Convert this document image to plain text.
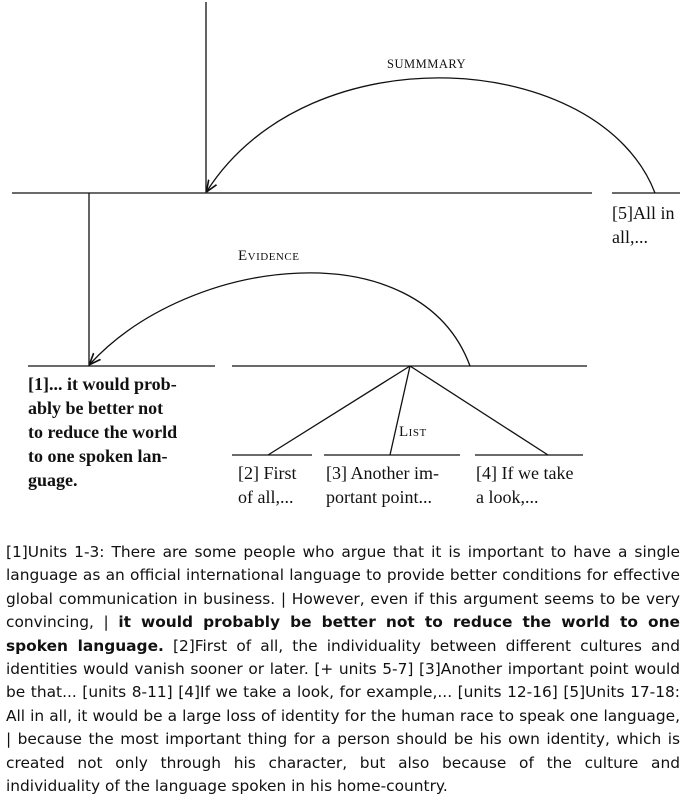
SUMMMARY
Evidence
List
[5]All in
all,...
[1]... it would prob-
ably be better not
to reduce the world
to one spoken lan-
guage.	[2] First
of all,...
[3] Another im-
portant point...
[4] If we take
a look,...
[1]Units 1-3: There are some people who argue that it is important to have a single language as an official international language to provide better conditions for effective global communication in business. | However, even if this argument seems to be very convincing, | it would probably be better not to reduce the world to one spoken language. [2]First of all, the individuality between different cultures and identities would vanish sooner or later. [+ units 5-7] [3]Another important point would be that... [units 8-11] [4]If we take a look, for example,... [units 12-16] [5]Units 17-18: All in all, it would be a large loss of identity for the human race to speak one language, | because the most important thing for a person should be his own identity, which is created not only through his character, but also because of the culture and individuality of the language spoken in his home-country.
